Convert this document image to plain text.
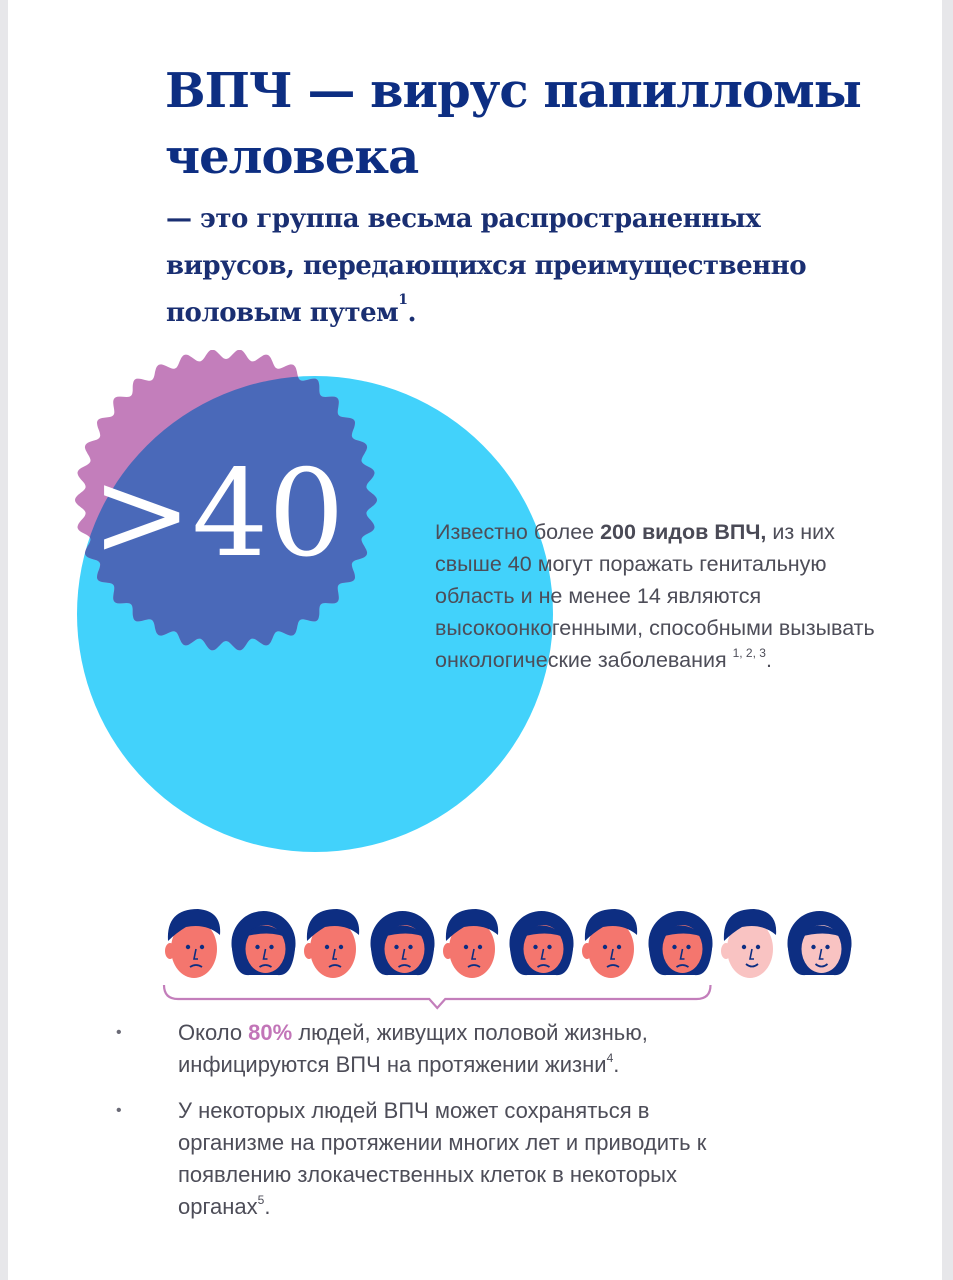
ВПЧ — вирус папилломы человека

— это группа весьма распространенных вирусов, передающихся преимущественно половым путем$^1$.

>40	Известно более 200 видов ВПЧ, из них свыше 40 могут поражать генитальную область и не менее 14 являются высокоонкогенными, способными вызывать онкологические заболевания $^{1, 2, 3}$.

•	Около 80% людей, живущих половой жизнью, инфицируются ВПЧ на протяжении жизни$^4$.
•	У некоторых людей ВПЧ может сохраняться в организме на протяжении многих лет и приводить к появлению злокачественных клеток в некоторых органах$^5$.
